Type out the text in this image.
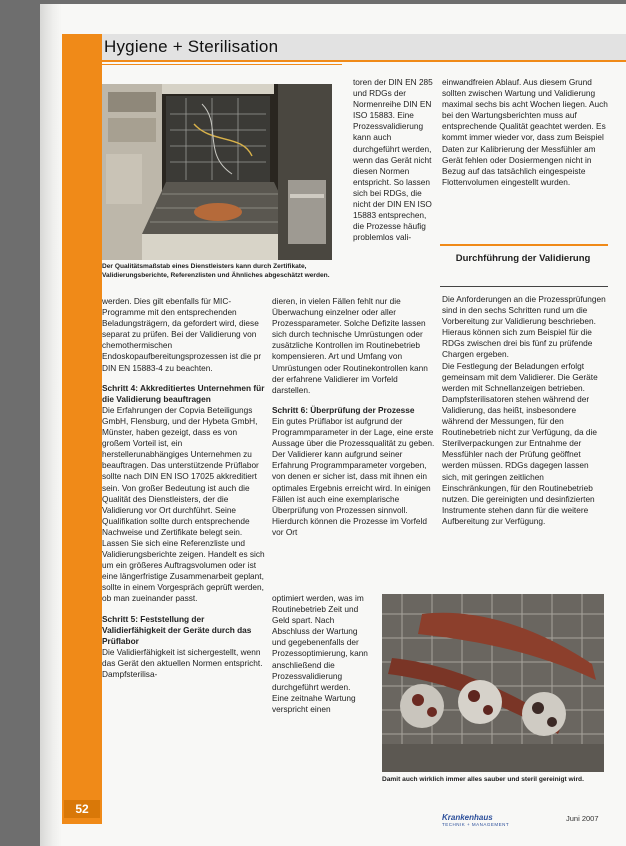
Hygiene + Sterilisation
52
Der Qualitätsmaßstab eines Dienstleisters kann durch Zertifikate, Validierungsberichte, Referenzlisten und Ähnliches abgeschätzt werden.

toren der DIN EN 285 und RDGs der Normenreihe DIN EN ISO 15883. Eine Prozessvalidierung kann auch durchgeführt werden, wenn das Gerät nicht diesen Normen entspricht. So lassen sich bei RDGs, die nicht der DIN EN ISO 15883 entsprechen, die Prozesse häufig problemlos vali-

werden. Dies gilt ebenfalls für MIC-Programme mit den entsprechenden Beladungsträgern, da gefordert wird, diese separat zu prüfen. Bei der Validierung von chemothermischen Endoskopaufbereitungsprozessen ist die pr DIN EN 15883-4 zu beachten.

Schritt 4: Akkreditiertes Unternehmen für die Validierung beauftragen

Die Erfahrungen der Copvia Beteiligungs GmbH, Flensburg, und der Hybeta GmbH, Münster, haben gezeigt, dass es von großem Vorteil ist, ein herstellerunabhängiges Unternehmen zu beauftragen. Das unterstützende Prüflabor sollte nach DIN EN ISO 17025 akkreditiert sein. Von großer Bedeutung ist auch die Qualität des Dienstleisters, der die Validierung vor Ort durchführt. Seine Qualifikation sollte durch entsprechende Nachweise und Zertifikate belegt sein. Lassen Sie sich eine Referenzliste und Validierungsberichte zeigen. Handelt es sich um ein größeres Auftragsvolumen oder ist eine längerfristige Zusammenarbeit geplant, sollte in einem Vorgespräch geprüft werden, ob man zueinander passt.

Schritt 5: Feststellung der Validierfähigkeit der Geräte durch das Prüflabor

Die Validierfähigkeit ist sichergestellt, wenn das Gerät den aktuellen Normen entspricht. Dampfsterilisa-

dieren, in vielen Fällen fehlt nur die Überwachung einzelner oder aller Prozessparameter. Solche Defizite lassen sich durch technische Umrüstungen oder zusätzliche Kontrollen im Routinebetrieb kompensieren. Art und Umfang von Umrüstungen oder Routinekontrollen kann der erfahrene Validierer im Vorfeld darstellen.

Schritt 6: Überprüfung der Prozesse

Ein gutes Prüflabor ist aufgrund der Programmparameter in der Lage, eine erste Aussage über die Prozessqualität zu geben. Der Validierer kann aufgrund seiner Erfahrung Programmparameter vorgeben, von denen er sicher ist, dass mit ihnen ein optimales Ergebnis erreicht wird. In einigen Fällen ist auch eine exemplarische Überprüfung von Prozessen sinnvoll. Hierdurch können die Prozesse im Vorfeld vor Ort

optimiert werden, was im Routinebetrieb Zeit und Geld spart. Nach Abschluss der Wartung und gegebenenfalls der Prozessoptimierung, kann anschließend die Prozessvalidierung durchgeführt werden. Eine zeitnahe Wartung verspricht einen

einwandfreien Ablauf. Aus diesem Grund sollten zwischen Wartung und Validierung maximal sechs bis acht Wochen liegen. Auch bei den Wartungsberichten muss auf entsprechende Qualität geachtet werden. Es kommt immer wieder vor, dass zum Beispiel Daten zur Kalibrierung der Messfühler am Gerät fehlen oder Dosiermengen nicht in Bezug auf das tatsächlich eingespeiste Flottenvolumen eingestellt wurden.

Durchführung der Validierung

Die Anforderungen an die Prozessprüfungen sind in den sechs Schritten rund um die Vorbereitung zur Validierung beschrieben. Hieraus können sich zum Beispiel für die RDGs zwischen drei bis fünf zu prüfende Chargen ergeben.

Die Festlegung der Beladungen erfolgt gemeinsam mit dem Validierer. Die Geräte werden mit Schnellanzeigen betrieben. Dampfsterilisatoren stehen während der Validierung, das heißt, insbesondere während der Messungen, für den Routinebetrieb nicht zur Verfügung, da die Sterilverpackungen zur Entnahme der Messfühler nach der Prüfung geöffnet werden müssen. RDGs dagegen lassen sich, mit geringen zeitlichen Einschränkungen, für den Routinebetrieb nutzen. Die gereinigten und desinfizierten Instrumente stehen dann für die weitere Aufbereitung zur Verfügung.

Damit auch wirklich immer alles sauber und steril gereinigt wird.
Krankenhaus
TECHNIK + MANAGEMENT
Juni 2007
